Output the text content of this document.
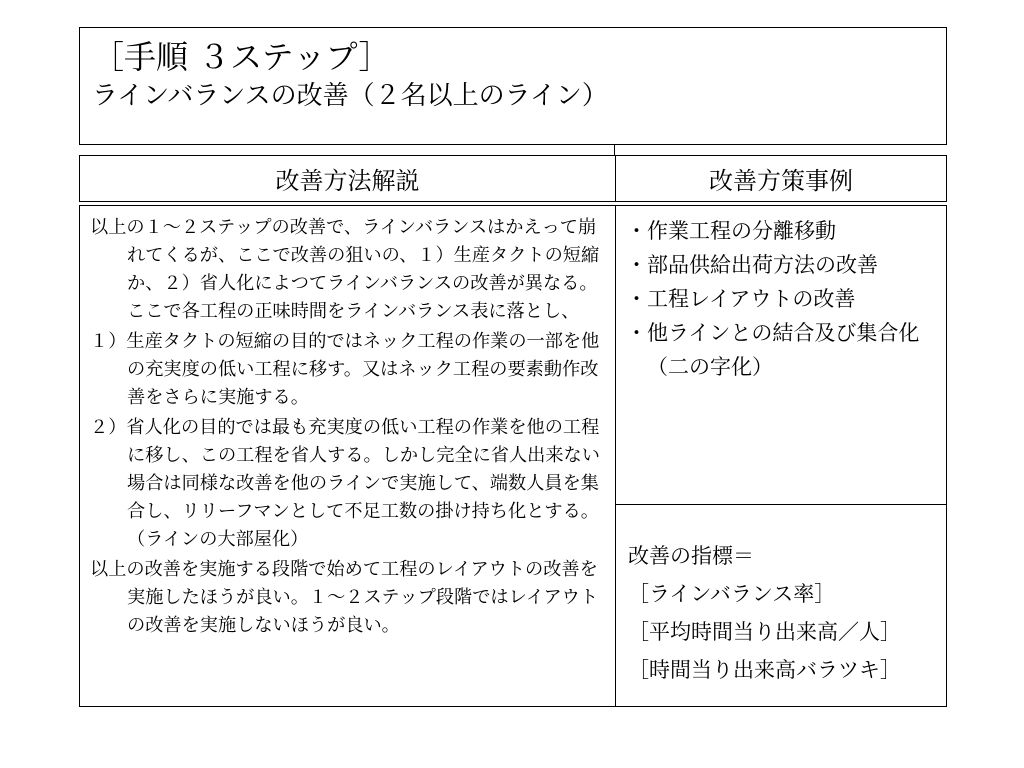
［手順 ３ステップ］
ラインバランスの改善（２名以上のライン）
改善方法解説	改善方策事例

以上の１～２ステップの改善で、ラインバランスはかえって崩れてくるが、ここで改善の狙いの、１）生産タクトの短縮か、２）省人化によつてラインバランスの改善が異なる。ここで各工程の正味時間をラインバランス表に落とし、

１）生産タクトの短縮の目的ではネック工程の作業の一部を他の充実度の低い工程に移す。又はネック工程の要素動作改善をさらに実施する。

２）省人化の目的では最も充実度の低い工程の作業を他の工程に移し、この工程を省人する。しかし完全に省人出来ない場合は同様な改善を他のラインで実施して、端数人員を集合し、リリーフマンとして不足工数の掛け持ち化とする。（ラインの大部屋化）

以上の改善を実施する段階で始めて工程のレイアウトの改善を実施したほうが良い。１～２ステップ段階ではレイアウトの改善を実施しないほうが良い。

・ 作業工程の分離移動
・ 部品供給出荷方法の改善
・ 工程レイアウトの改善
・ 他ラインとの結合及び集合化（二の字化）
改善の指標＝
［ラインバランス率］
［平均時間当り出来高／人］
［時間当り出来高バラツキ］
